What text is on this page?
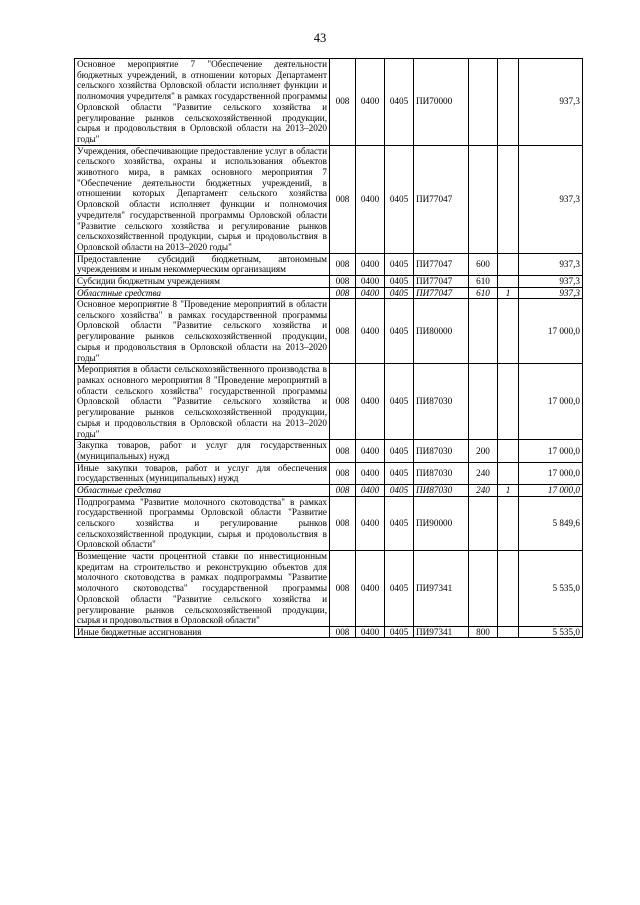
43
Основное мероприятие 7 "Обеспечение деятельности бюджетных учреждений, в отношении которых Департамент сельского хозяйства Орловской области исполняет функции и полномочия учредителя" в рамках государственной программы Орловской области "Развитие сельского хозяйства и регулирование рынков сельскохозяйственной продукции, сырья и продовольствия в Орловской области на 2013–2020 годы"	008	0400	0405	ПИ70000			937,3
Учреждения, обеспечивающие предоставление услуг в области сельского хозяйства, охраны и использования объектов животного мира, в рамках основного мероприятия 7 "Обеспечение деятельности бюджетных учреждений, в отношении которых Департамент сельского хозяйства Орловской области исполняет функции и полномочия учредителя" государственной программы Орловской области "Развитие сельского хозяйства и регулирование рынков сельскохозяйственной продукции, сырья и продовольствия в Орловской области на 2013–2020 годы"	008	0400	0405	ПИ77047			937,3
Предоставление субсидий бюджетным, автономным учреждениям и иным некоммерческим организациям	008	0400	0405	ПИ77047	600		937,3
Субсидии бюджетным учреждениям	008	0400	0405	ПИ77047	610		937,3
Областные средства	008	0400	0405	ПИ77047	610	1	937,3
Основное мероприятие 8 "Проведение мероприятий в области сельского хозяйства" в рамках государственной программы Орловской области "Развитие сельского хозяйства и регулирование рынков сельскохозяйственной продукции, сырья и продовольствия в Орловской области на 2013–2020 годы"	008	0400	0405	ПИ80000			17 000,0
Мероприятия в области сельскохозяйственного производства в рамках основного мероприятия 8 "Проведение мероприятий в области сельского хозяйства" государственной программы Орловской области "Развитие сельского хозяйства и регулирование рынков сельскохозяйственной продукции, сырья и продовольствия в Орловской области на 2013–2020 годы"	008	0400	0405	ПИ87030			17 000,0
Закупка товаров, работ и услуг для государственных (муниципальных) нужд	008	0400	0405	ПИ87030	200		17 000,0
Иные закупки товаров, работ и услуг для обеспечения государственных (муниципальных) нужд	008	0400	0405	ПИ87030	240		17 000,0
Областные средства	008	0400	0405	ПИ87030	240	1	17 000,0
Подпрограмма "Развитие молочного скотоводства" в рамках государственной программы Орловской области "Развитие сельского хозяйства и регулирование рынков сельскохозяйственной продукции, сырья и продовольствия в Орловской области"	008	0400	0405	ПИ90000			5 849,6
Возмещение части процентной ставки по инвестиционным кредитам на строительство и реконструкцию объектов для молочного скотоводства в рамках подпрограммы "Развитие молочного скотоводства" государственной программы Орловской области "Развитие сельского хозяйства и регулирование рынков сельскохозяйственной продукции, сырья и продовольствия в Орловской области"	008	0400	0405	ПИ97341			5 535,0
Иные бюджетные ассигнования	008	0400	0405	ПИ97341	800		5 535,0
